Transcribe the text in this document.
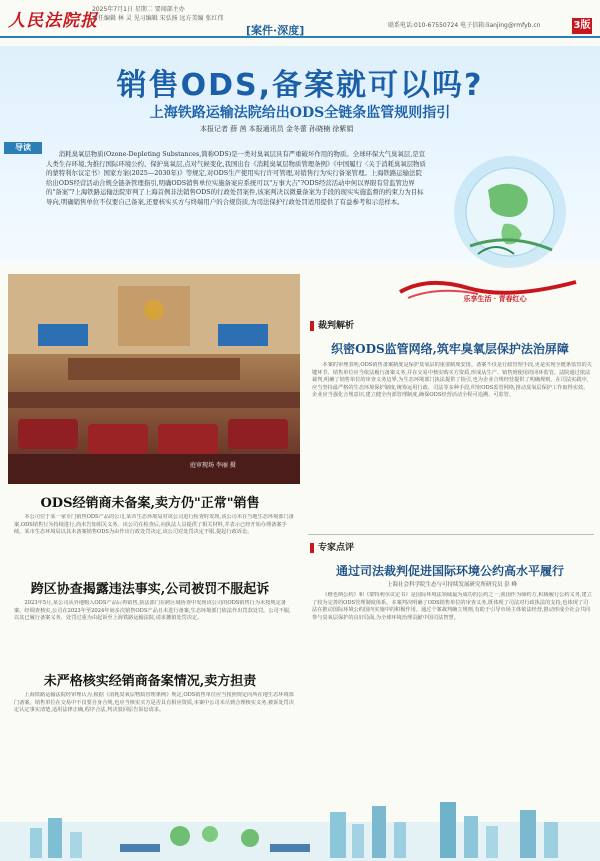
人民法院报
2025年7月1日 星期二 要闻部主办
责任编辑 林 灵 见习编辑 宋弘扬 远方美编 张红伟
[案件·深度]	联系电话:010-67550724 电子信箱:lianjing@rmfyb.cn	3版
销售ODS,备案就可以吗?
上海铁路运输法院给出ODS全链条监管规则指引
本报记者 薛 茜 本报通讯员 金冬蕾 孙晓楠 徐紫娟
导读
消耗臭氧层物质(Ozone-Depleting Substances,简称ODS)是一类对臭氧层具有严重破坏作用的物质。全球环保大气臭氧层,是宣人类生存环境,为推行国际环境公约、保护臭氧层,点对气候变化,我国出台《消耗臭氧层物质管理条例》《中国履行〈关于消耗臭氧层物质的蒙特利尔议定书〉国家方案(2025—2030年)》等规定,对ODS生产使用实行许可管理,对销售行为实行备案管理。上海铁路运输法院给出ODS经营活动合规全链条管理指引,明确ODS销售单位实施备案应系统可以"万事大吉"?ODS经营活动中何以界限有常监管边界的"备案"?上海铁路运输法院审判了上海首例非法销售ODS的行政处罚案件,该案判决以微量备案为手段的现实实施监督的约束力为目标导向,明确销售单位不仅要自己备案,还要核实买方与终端用户的合规资质,为司法保护行政处罚适用提供了有益参考和示范样本。
庭审现场 李丽 摄
ODS经销商未备案,卖方仍"正常"销售
本公司位于某一家专门销售ODS产品的公司,某市生态环境局对该公司进行检查时发现,该公司未在当地生态环境部门备案,ODS销售行为持续进行,尚未告知相关义务。该公司在检查后,向执法人员提供了相关材料,并表示已经开始办理备案手续。某市生态环境局以其未备案销售ODS为由作出行政处罚决定,该公司对处罚决定不服,提起行政诉讼。
跨区协查揭露违法事实,公司被罚不服起诉
2023年5月,某公司从外地购入ODS产品后再销售,执法部门在跨区域协查中发现该公司的ODS销售行为未按规定备案。经调查核实,公司在2023年至2024年间多次销售ODS产品且未进行备案,生态环境部门依法作出罚款处罚。公司不服,以其已履行备案义务、处罚过重为由起诉至上海铁路运输法院,请求撤销处罚决定。
未严格核实经销商备案情况,卖方担责
上海铁路运输法院经审理认为,根据《消耗臭氧层物质管理条例》规定,ODS销售单位应当按照规定向所在地生态环境部门备案。销售单位在交易中不仅要自身合规,也应当核实买方是否具有相应资质,本案中公司未尽到合理核实义务,被诉处罚决定认定事实清楚,适用法律正确,程序合法,判决驳回原告诉讼请求。
乐享生活 · 青春红心
裁判解析
织密ODS监管网络,筑牢臭氧层保护法治屏障
本案的审理表明,ODS销售备案制度是保护臭氧层的重要制度安排。备案不仅是行政管理手段,更是实现全链条监管的关键环节。销售单位应当依法履行备案义务,并在交易中核实购买方资质,形成从生产、销售到使用的闭环监管。法院通过依法裁判,明确了销售单位的审查义务边界,为生态环境部门执法提供了指引,也为企业合规经营提供了明确规则。在司法实践中,应当坚持最严格的生态环境保护制度,统筹运用行政、司法等多种手段,织密ODS监管网络,推动臭氧层保护工作取得实效。企业应当强化合规意识,建立健全内部管理制度,确保ODS经营活动全程可追溯、可监管。
专家点评
通过司法裁判促进国际环境公约高水平履行
上海社会科学院生态与可持续发展研究所研究员 彭 峰
《维也纳公约》和《蒙特利尔议定书》是国际环境法领域最为成功的公约之一,我国作为缔约方,积极履行公约义务,建立了较为完善的ODS管理制度体系。本案判决明确了ODS销售单位的审查义务,既体现了司法对行政执法的支持,也体现了司法在推动国际环境公约国内实施中的积极作用。通过个案裁判确立规则,有助于引导市场主体依法经营,推动形成全社会共同参与臭氧层保护的良好局面,为全球环境治理贡献中国司法智慧。
